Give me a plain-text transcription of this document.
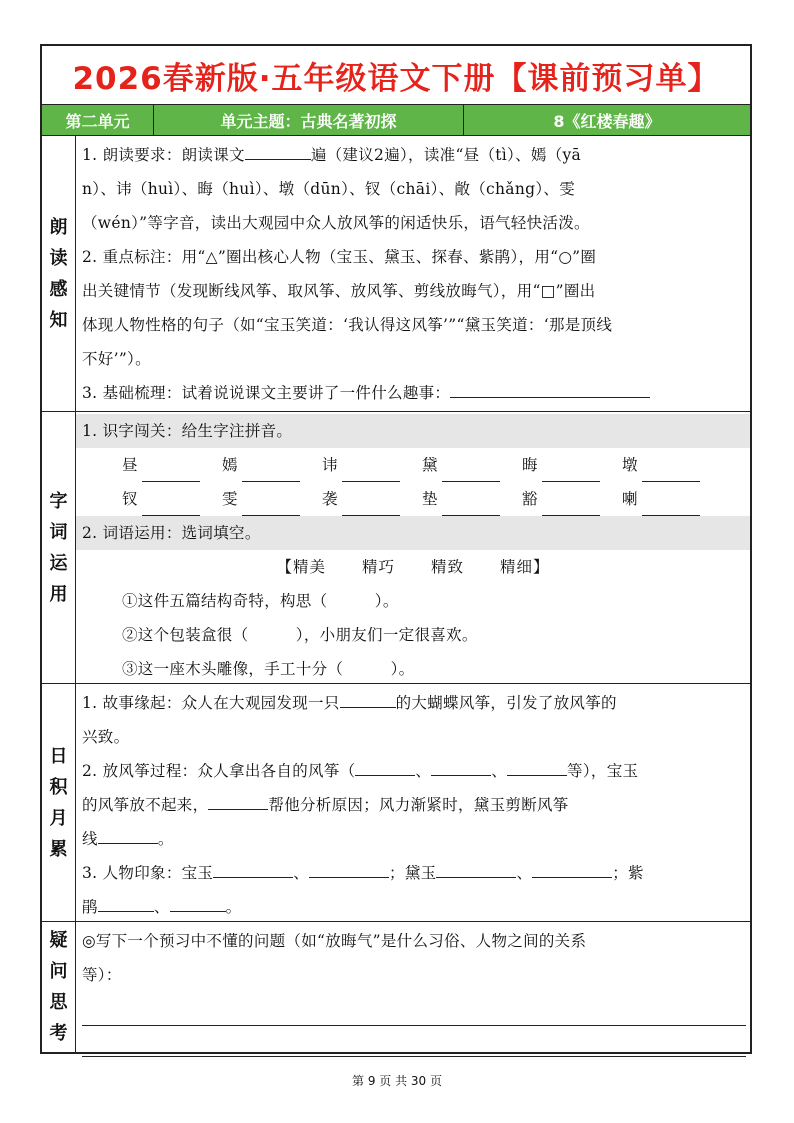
2026春新版·五年级语文下册【课前预习单】
第二单元	单元主题：古典名著初探	8《红楼春趣》
朗
读
感
知
1. 朗读要求：朗读课文	遍（建议2遍），读准“昼（tì）、嫣（yā
n）、讳（huì）、晦（huì）、墩（dūn）、钗（chāi）、敞（chǎng）、雯
（wén）”等字音，读出大观园中众人放风筝的闲适快乐，语气轻快活泼。
2. 重点标注：用“△”圈出核心人物（宝玉、黛玉、探春、紫鹃），用“○”圈
出关键情节（发现断线风筝、取风筝、放风筝、剪线放晦气），用“□”圈出
体现人物性格的句子（如“宝玉笑道：‘我认得这风筝’”“黛玉笑道：‘那是顶线
不好’”）。
3. 基础梳理：试着说说课文主要讲了一件什么趣事：
字
词
运
用
1. 识字闯关：给生字注拼音。
昼	嫣	讳	黛	晦	墩
钗	雯	袭	垫	豁	喇
2. 词语运用：选词填空。
【精美 精巧 精致 精细】
①这件五篇结构奇特，构思（　　　）。
②这个包装盒很（　　　），小朋友们一定很喜欢。
③这一座木头雕像，手工十分（　　　）。
日
积
月
累
1. 故事缘起：众人在大观园发现一只	的大蝴蝶风筝，引发了放风筝的
兴致。
2. 放风筝过程：众人拿出各自的风筝（	、	、	等），宝玉
的风筝放不起来，	帮他分析原因；风力渐紧时，黛玉剪断风筝
线	。
3. 人物印象：宝玉	、	；黛玉	、	；紫
鹃	、	。
疑
问
思
考
◎写下一个预习中不懂的问题（如“放晦气”是什么习俗、人物之间的关系
等）：
第 9 页 共 30 页
